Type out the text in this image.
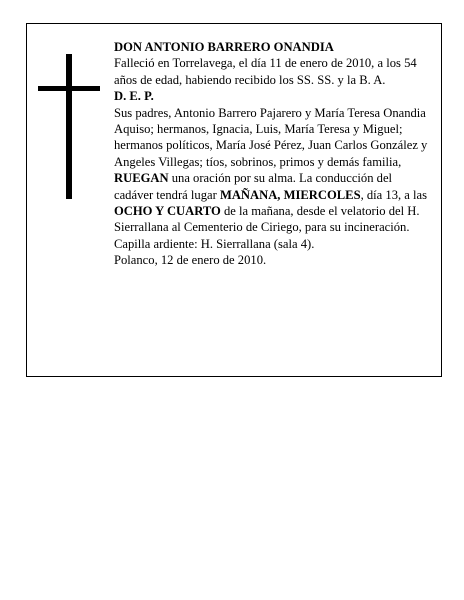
DON ANTONIO BARRERO ONANDIA

Falleció en Torrelavega, el día 11 de enero de 2010, a los 54 años de edad, habiendo recibido los SS. SS. y la B. A.

D. E. P.

Sus padres, Antonio Barrero Pajarero y María Teresa Onandia Aquiso; hermanos, Ignacia, Luis, María Teresa y Miguel; hermanos políticos, María José Pérez, Juan Carlos González y Angeles Villegas; tíos, sobrinos, primos y demás familia,

RUEGAN una oración por su alma. La conducción del cadáver tendrá lugar MAÑANA, MIERCOLES, día 13, a las OCHO Y CUARTO de la mañana, desde el velatorio del H. Sierrallana al Cementerio de Ciriego, para su incineración. Capilla ardiente: H. Sierrallana (sala 4).

Polanco, 12 de enero de 2010.
